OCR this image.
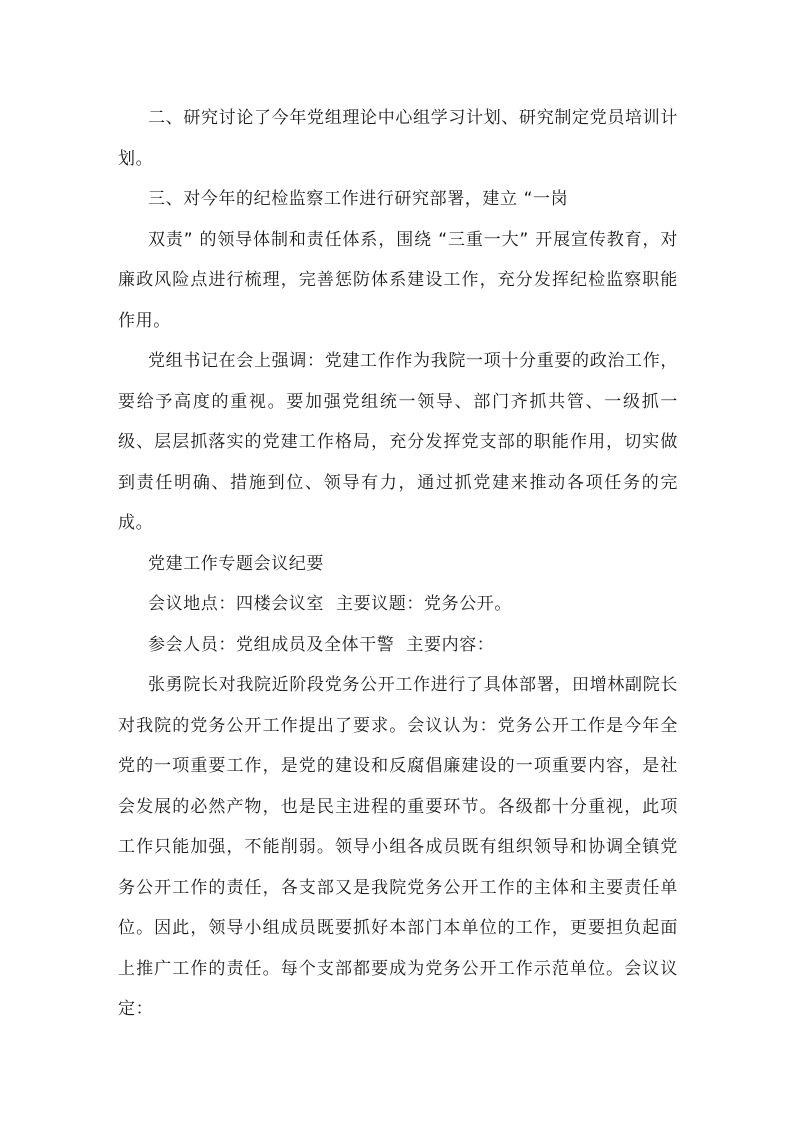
二、研究讨论了今年党组理论中心组学习计划、研究制定党员培训计划。

三、对今年的纪检监察工作进行研究部署，建立 “一岗

双责” 的领导体制和责任体系，围绕 “三重一大” 开展宣传教育，对廉政风险点进行梳理，完善惩防体系建设工作，充分发挥纪检监察职能作用。

党组书记在会上强调：党建工作作为我院一项十分重要的政治工作，要给予高度的重视。要加强党组统一领导、部门齐抓共管、一级抓一级、层层抓落实的党建工作格局，充分发挥党支部的职能作用，切实做到责任明确、措施到位、领导有力，通过抓党建来推动各项任务的完成。

党建工作专题会议纪要

会议地点：四楼会议室  主要议题：党务公开。

参会人员：党组成员及全体干警  主要内容：

张勇院长对我院近阶段党务公开工作进行了具体部署，田增林副院长对我院的党务公开工作提出了要求。会议认为：党务公开工作是今年全党的一项重要工作，是党的建设和反腐倡廉建设的一项重要内容，是社会发展的必然产物，也是民主进程的重要环节。各级都十分重视，此项工作只能加强，不能削弱。领导小组各成员既有组织领导和协调全镇党务公开工作的责任，各支部又是我院党务公开工作的主体和主要责任单位。因此，领导小组成员既要抓好本部门本单位的工作，更要担负起面上推广工作的责任。每个支部都要成为党务公开工作示范单位。会议议定：
